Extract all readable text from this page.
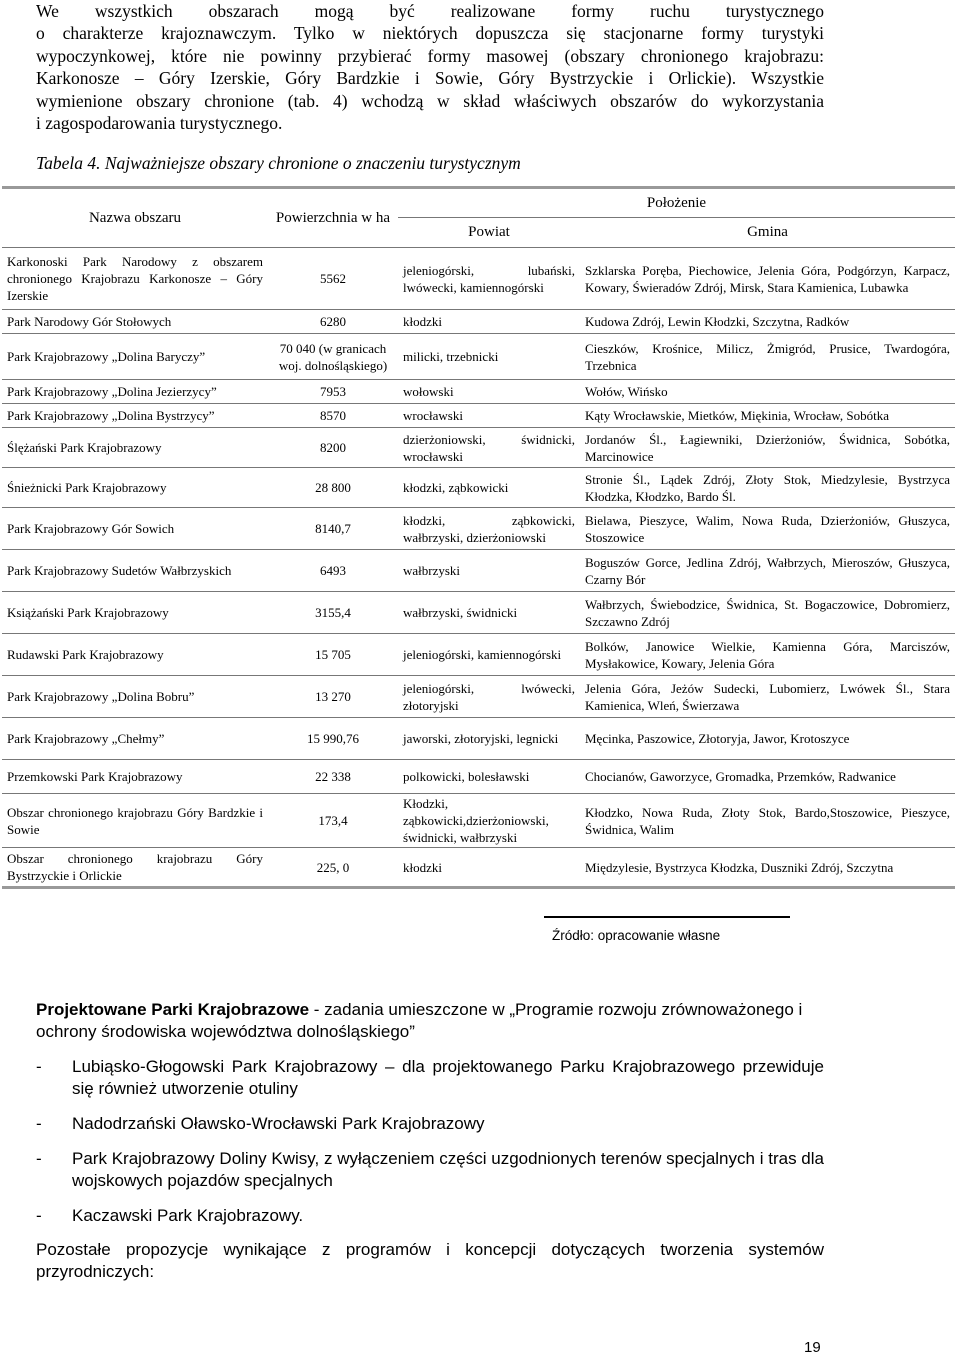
We wszystkich obszarach mogą być realizowane formy ruchu turystycznego
o charakterze krajoznawczym. Tylko w niektórych dopuszcza się stacjonarne formy turystyki
wypoczynkowej, które nie powinny przybierać formy masowej (obszary chronionego krajobrazu:
Karkonosze – Góry Izerskie, Góry Bardzkie i Sowie, Góry Bystrzyckie i Orlickie). Wszystkie
wymienione obszary chronione (tab. 4) wchodzą w skład właściwych obszarów do wykorzystania
i zagospodarowania turystycznego.
Tabela 4. Najważniejsze obszary chronione o znaczeniu turystycznym
Nazwa obszaru	Powierzchnia w ha	Położenie	
		Powiat	Gmina
Karkonoski Park Narodowy z obszarem chronionego Krajobrazu Karkonosze – Góry Izerskie	5562	jeleniogórski, lubański, lwówecki, kamiennogórski	Szklarska Poręba, Piechowice, Jelenia Góra, Podgórzyn, Karpacz, Kowary, Świeradów Zdrój, Mirsk, Stara Kamienica, Lubawka
Park Narodowy Gór Stołowych	6280	kłodzki	Kudowa Zdrój, Lewin Kłodzki, Szczytna, Radków
Park Krajobrazowy „Dolina Baryczy”	70 040 (w granicach woj. dolnośląskiego)	milicki, trzebnicki	Cieszków, Krośnice, Milicz, Żmigród, Prusice, Twardogóra, Trzebnica
Park Krajobrazowy „Dolina Jezierzycy”	7953	wołowski	Wołów, Wińsko
Park Krajobrazowy „Dolina Bystrzycy”	8570	wrocławski	Kąty Wrocławskie, Mietków, Miękinia, Wrocław, Sobótka
Ślężański Park Krajobrazowy	8200	dzierżoniowski, świdnicki, wrocławski	Jordanów Śl., Łagiewniki, Dzierżoniów, Świdnica, Sobótka, Marcinowice
Śnieżnicki Park Krajobrazowy	28 800	kłodzki, ząbkowicki	Stronie Śl., Lądek Zdrój, Złoty Stok, Miedzylesie, Bystrzyca Kłodzka, Kłodzko, Bardo Śl.
Park Krajobrazowy Gór Sowich	8140,7	kłodzki, ząbkowicki, wałbrzyski, dzierżoniowski	Bielawa, Pieszyce, Walim, Nowa Ruda, Dzierżoniów, Głuszyca, Stoszowice
Park Krajobrazowy Sudetów Wałbrzyskich	6493	wałbrzyski	Boguszów Gorce, Jedlina Zdrój, Wałbrzych, Mieroszów, Głuszyca, Czarny Bór
Książański Park Krajobrazowy	3155,4	wałbrzyski, świdnicki	Wałbrzych, Świebodzice, Świdnica, St. Bogaczowice, Dobromierz, Szczawno Zdrój
Rudawski Park Krajobrazowy	15 705	jeleniogórski, kamiennogórski	Bolków, Janowice Wielkie, Kamienna Góra, Marciszów, Mysłakowice, Kowary, Jelenia Góra
Park Krajobrazowy „Dolina Bobru”	13 270	jeleniogórski, lwówecki, złotoryjski	Jelenia Góra, Jeżów Sudecki, Lubomierz, Lwówek Śl., Stara Kamienica, Wleń, Świerzawa
Park Krajobrazowy „Chełmy”	15 990,76	jaworski, złotoryjski, legnicki	Męcinka, Paszowice, Złotoryja, Jawor, Krotoszyce
Przemkowski Park Krajobrazowy	22 338	polkowicki, bolesławski	Chocianów, Gaworzyce, Gromadka, Przemków, Radwanice
Obszar chronionego krajobrazu Góry Bardzkie i Sowie	173,4	Kłodzki, ząbkowicki,dzierżoniowski, świdnicki, wałbrzyski	Kłodzko, Nowa Ruda, Złoty Stok, Bardo,Stoszowice, Pieszyce, Świdnica, Walim
Obszar chronionego krajobrazu Góry Bystrzyckie i Orlickie	225, 0	kłodzki	Międzylesie, Bystrzyca Kłodzka, Duszniki Zdrój, Szczytna
Źródło: opracowanie własne
Projektowane Parki Krajobrazowe - zadania umieszczone w „Programie rozwoju zrównoważonego i ochrony środowiska województwa dolnośląskiego”
- Lubiąsko-Głogowski Park Krajobrazowy – dla projektowanego Parku Krajobrazowego przewiduje się również utworzenie otuliny
- Nadodrzański Oławsko-Wrocławski Park Krajobrazowy
- Park Krajobrazowy Doliny Kwisy, z wyłączeniem części uzgodnionych terenów specjalnych i tras dla wojskowych pojazdów specjalnych
- Kaczawski Park Krajobrazowy.
Pozostałe propozycje wynikające z programów i koncepcji dotyczących tworzenia systemów
przyrodniczych:
19
